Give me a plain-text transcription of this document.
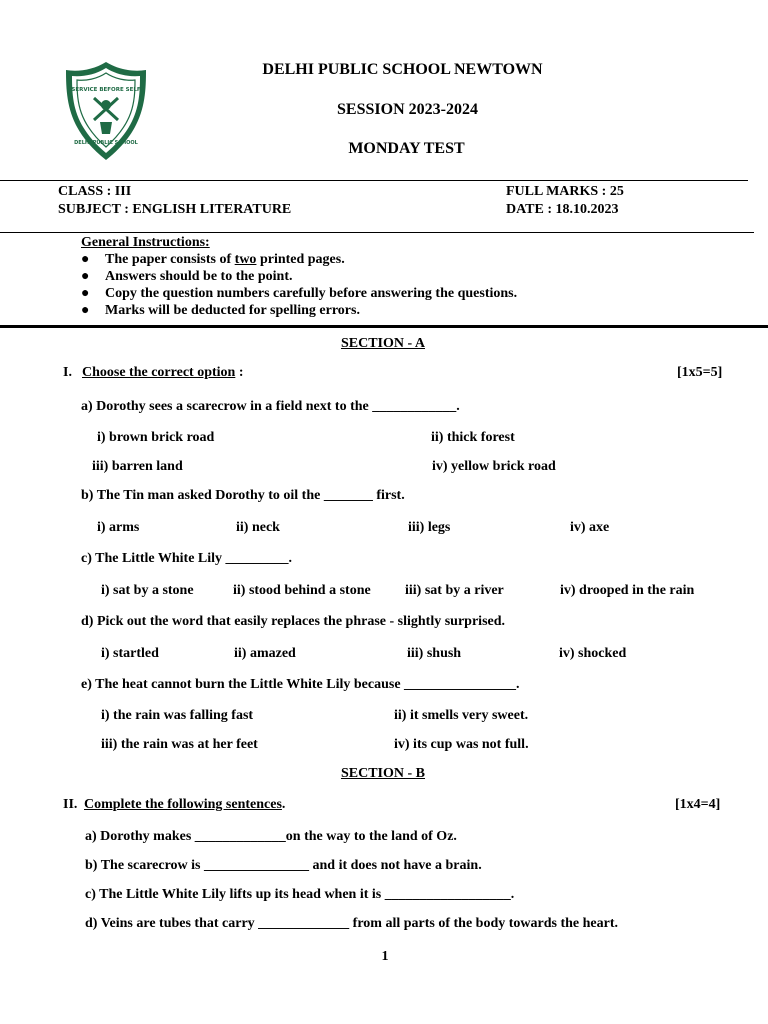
SERVICE BEFORE SELF
DELHI PUBLIC SCHOOL
DELHI PUBLIC SCHOOL NEWTOWN
SESSION 2023-2024
MONDAY TEST
CLASS : III
SUBJECT : ENGLISH LITERATURE
FULL MARKS : 25
DATE : 18.10.2023
General Instructions:
● The paper consists of two printed pages.
● Answers should be to the point.
● Copy the question numbers carefully before answering the questions.
● Marks will be deducted for spelling errors.
SECTION - A
I. Choose the correct option :	[1x5=5]
a) Dorothy sees a scarecrow in a field next to the ____________.
i) brown brick road	ii) thick forest
iii) barren land	iv) yellow brick road
b) The Tin man asked Dorothy to oil the _______ first.
i) arms	ii) neck	iii) legs	iv) axe
c) The Little White Lily _________.
i) sat by a stone	ii) stood behind a stone iii) sat by a river	iv) drooped in the rain
d) Pick out the word that easily replaces the phrase - slightly surprised.
i) startled	ii) amazed	iii) shush	iv) shocked
e) The heat cannot burn the Little White Lily because ________________.
i) the rain was falling fast	ii) it smells very sweet.
iii) the rain was at her feet	iv) its cup was not full.
SECTION - B
II. Complete the following sentences.	[1x4=4]
a) Dorothy makes _____________on the way to the land of Oz.
b) The scarecrow is _______________ and it does not have a brain.
c) The Little White Lily lifts up its head when it is __________________.
d) Veins are tubes that carry _____________ from all parts of the body towards the heart.
1
